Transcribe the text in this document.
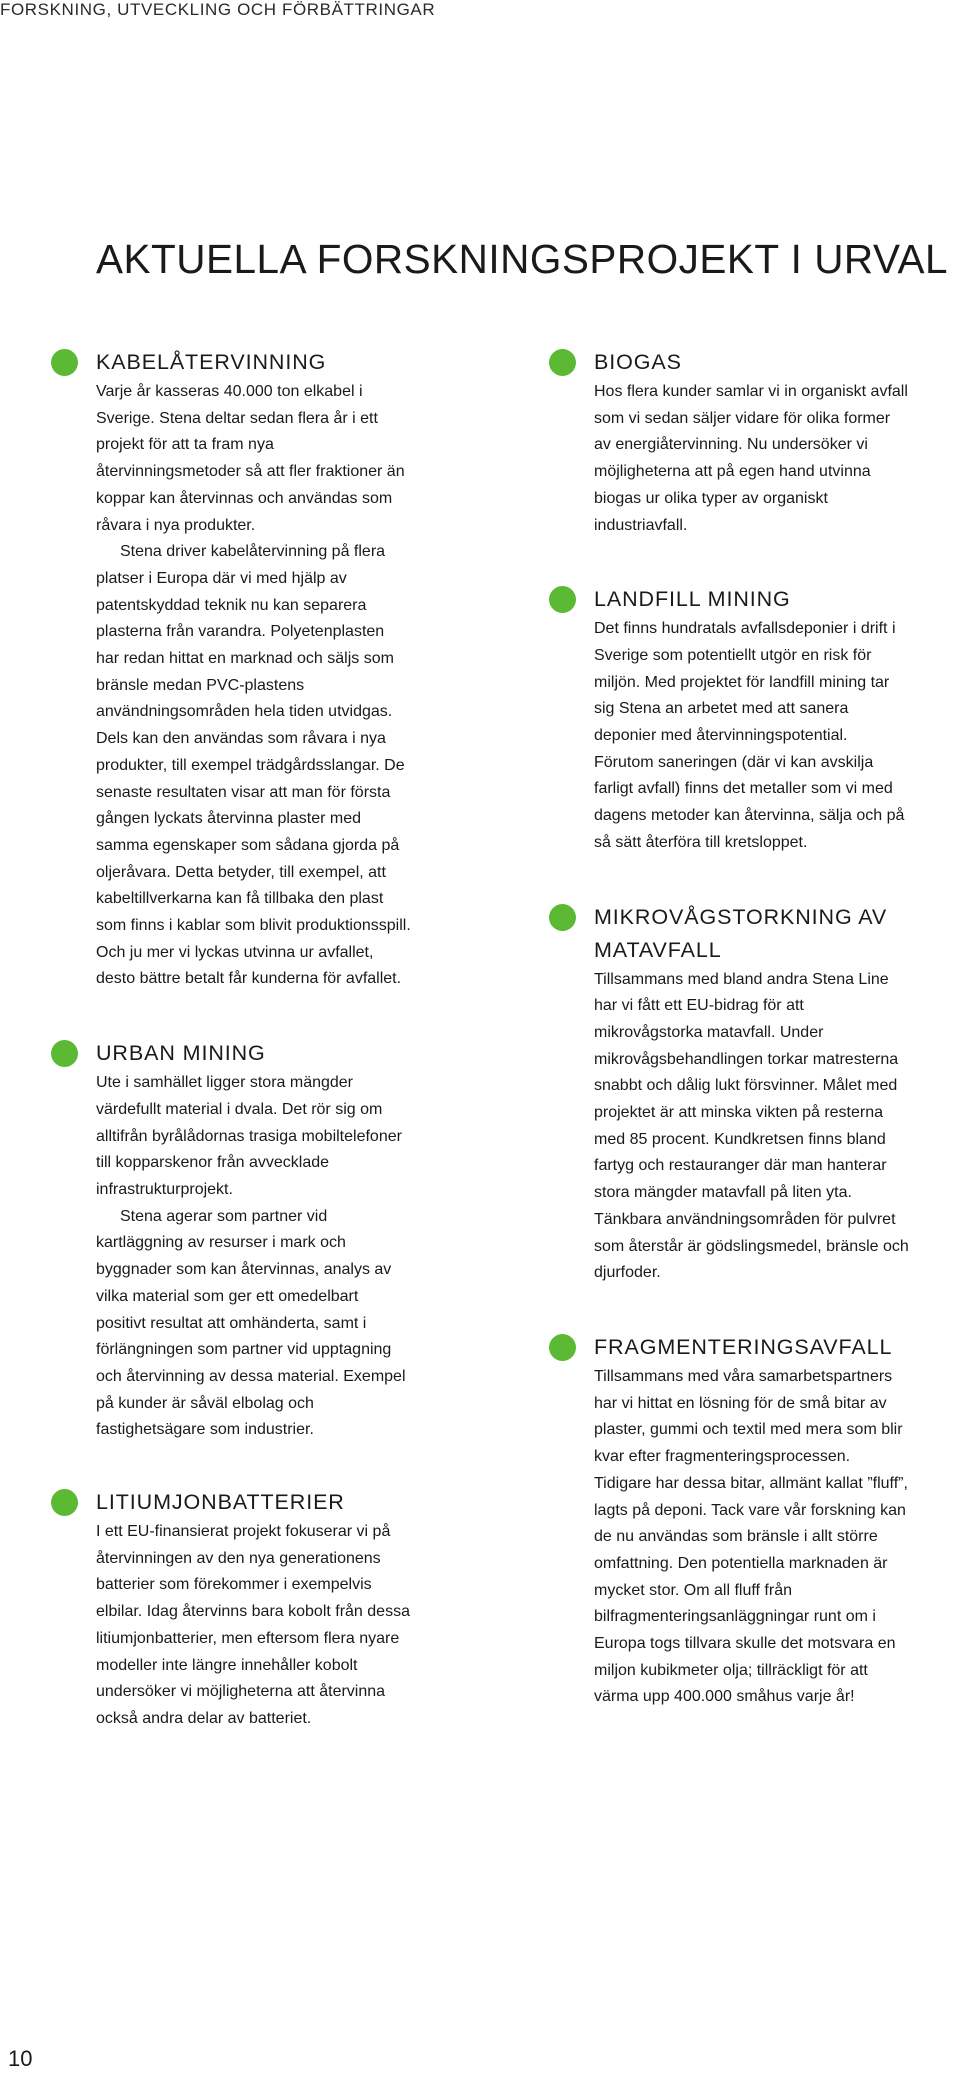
FORSKNING, UTVECKLING OCH FÖRBÄTTRINGAR
AKTUELLA FORSKNINGSPROJEKT I URVAL
KABELÅTERVINNING

Varje år kasseras 40.000 ton elkabel i Sverige. Stena deltar sedan flera år i ett projekt för att ta fram nya återvinningsmetoder så att fler fraktioner än koppar kan återvinnas och användas som råvara i nya produkter.

Stena driver kabelåtervinning på flera platser i Europa där vi med hjälp av patentskyddad teknik nu kan separera plasterna från varandra. Polyetenplasten har redan hittat en marknad och säljs som bränsle medan PVC-plastens användningsområden hela tiden utvidgas. Dels kan den användas som råvara i nya produkter, till exempel trädgårdsslangar. De senaste resultaten visar att man för första gången lyckats återvinna plaster med samma egenskaper som sådana gjorda på oljeråvara. Detta betyder, till exempel, att kabeltillverkarna kan få tillbaka den plast som finns i kablar som blivit produktionsspill. Och ju mer vi lyckas utvinna ur avfallet, desto bättre betalt får kunderna för avfallet.

URBAN MINING

Ute i samhället ligger stora mängder värdefullt material i dvala. Det rör sig om alltifrån byrålådornas trasiga mobiltelefoner till kopparskenor från avvecklade infrastrukturprojekt.

Stena agerar som partner vid kartläggning av resurser i mark och byggnader som kan återvinnas, analys av vilka material som ger ett omedelbart positivt resultat att omhänderta, samt i förlängningen som partner vid upptagning och återvinning av dessa material. Exempel på kunder är såväl elbolag och fastighetsägare som industrier.

LITIUMJONBATTERIER

I ett EU-finansierat projekt fokuserar vi på återvinningen av den nya generationens batterier som förekommer i exempelvis elbilar. Idag återvinns bara kobolt från dessa litiumjonbatterier, men eftersom flera nyare modeller inte längre innehåller kobolt undersöker vi möjligheterna att återvinna också andra delar av batteriet.

BIOGAS

Hos flera kunder samlar vi in organiskt avfall som vi sedan säljer vidare för olika former av energiåtervinning. Nu undersöker vi möjligheterna att på egen hand utvinna biogas ur olika typer av organiskt industriavfall.

LANDFILL MINING

Det finns hundratals avfallsdeponier i drift i Sverige som potentiellt utgör en risk för miljön. Med projektet för landfill mining tar sig Stena an arbetet med att sanera deponier med återvinningspotential. Förutom saneringen (där vi kan avskilja farligt avfall) finns det metaller som vi med dagens metoder kan återvinna, sälja och på så sätt återföra till kretsloppet.

MIKROVÅGSTORKNING AV MATAVFALL

Tillsammans med bland andra Stena Line har vi fått ett EU-bidrag för att mikrovågstorka matavfall. Under mikrovågsbehandlingen torkar matresterna snabbt och dålig lukt försvinner. Målet med projektet är att minska vikten på resterna med 85 procent. Kundkretsen finns bland fartyg och restauranger där man hanterar stora mängder matavfall på liten yta. Tänkbara användningsområden för pulvret som återstår är gödslingsmedel, bränsle och djurfoder.

FRAGMENTERINGSAVFALL

Tillsammans med våra samarbetspartners har vi hittat en lösning för de små bitar av plaster, gummi och textil med mera som blir kvar efter fragmenteringsprocessen. Tidigare har dessa bitar, allmänt kallat ”fluff”, lagts på deponi. Tack vare vår forskning kan de nu användas som bränsle i allt större omfattning. Den potentiella marknaden är mycket stor. Om all fluff från bilfragmenteringsanläggningar runt om i Europa togs tillvara skulle det motsvara en miljon kubikmeter olja; tillräckligt för att värma upp 400.000 småhus varje år!

10
